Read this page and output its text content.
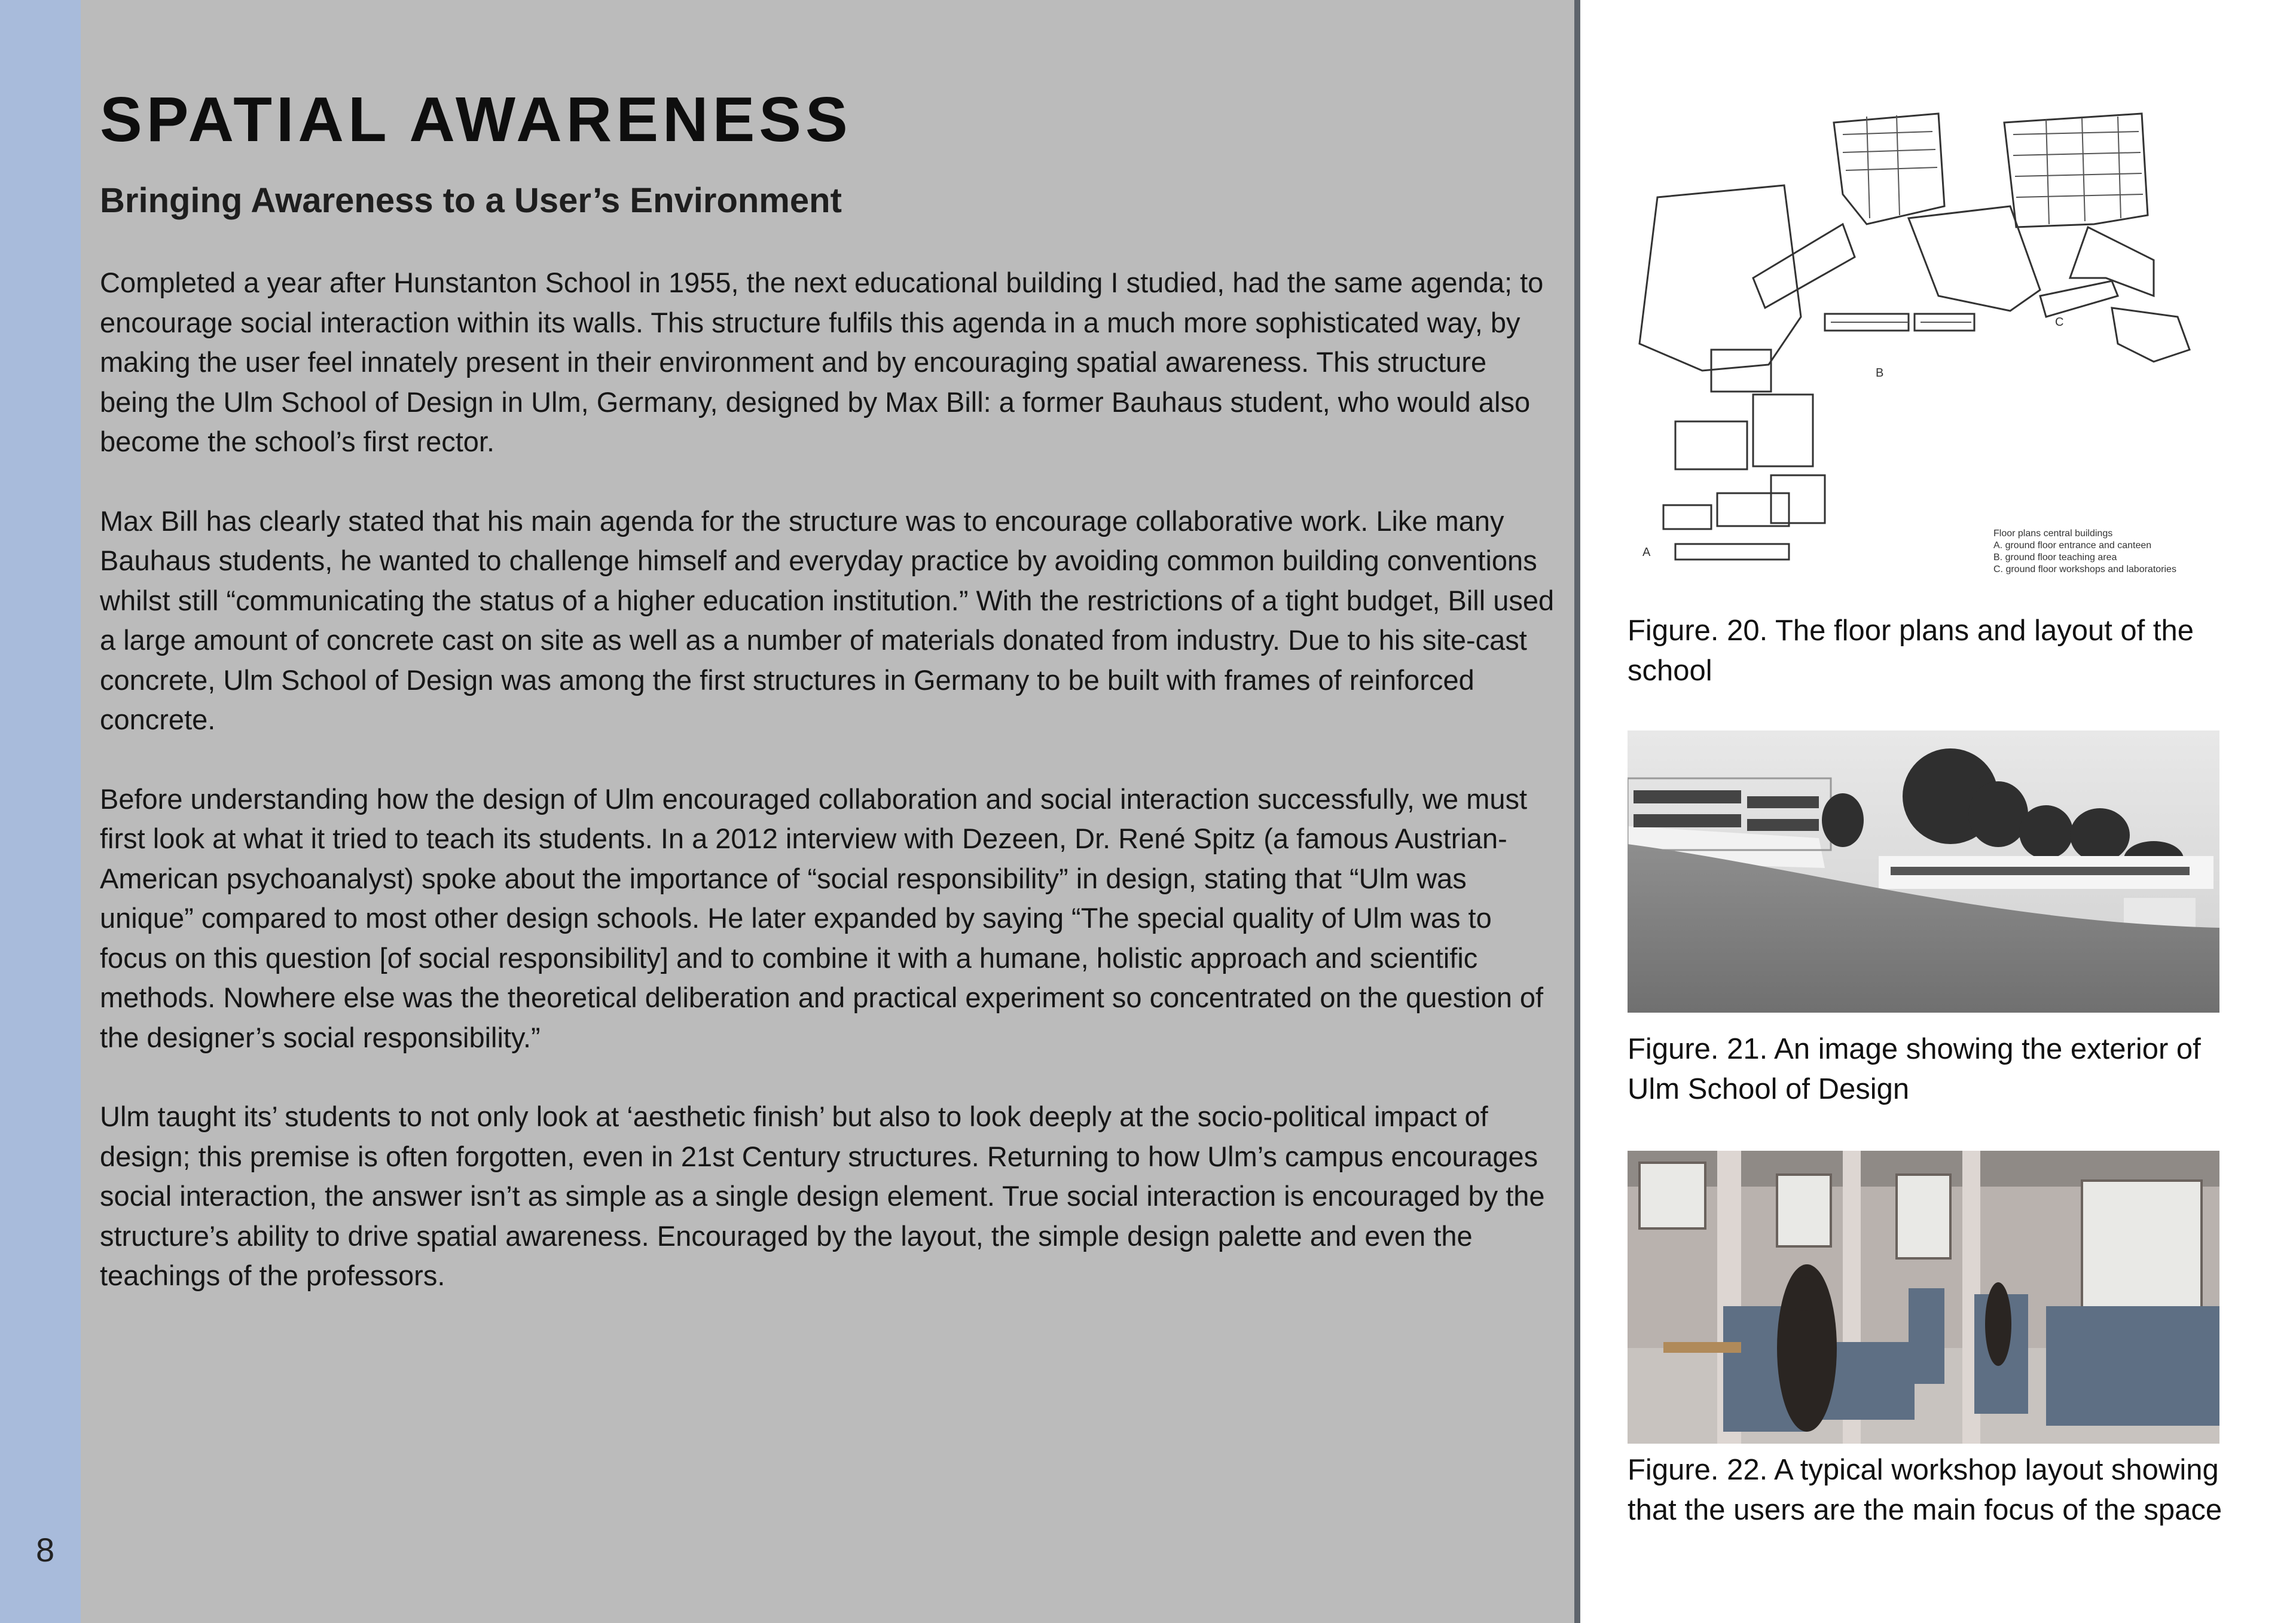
8
SPATIAL AWARENESS
Bringing Awareness to a User’s Environment

Completed a year after Hunstanton School in 1955, the next educational building I studied, had the same agenda; to encourage social interaction within its walls. This structure fulfils this agenda in a much more sophisticated way, by making the user feel innately present in their environment and by encouraging spatial awareness. This structure being the Ulm School of Design in Ulm, Germany, designed by Max Bill: a former Bauhaus student, who would also become the school’s first rector.

Max Bill has clearly stated that his main agenda for the structure was to encourage collaborative work. Like many Bauhaus students, he wanted to challenge himself and everyday practice by avoiding common building conventions whilst still “communicating the status of a higher education institution.” With the restrictions of a tight budget, Bill used a large amount of concrete cast on site as well as a number of materials donated from industry. Due to his site-cast concrete, Ulm School of Design was among the first structures in Germany to be built with frames of reinforced concrete.

Before understanding how the design of Ulm encouraged collaboration and social interaction successfully, we must first look at what it tried to teach its students. In a 2012 interview with Dezeen, Dr. René Spitz (a famous Austrian-American psychoanalyst) spoke about the importance of “social responsibility” in design, stating that “Ulm was unique” compared to most other design schools. He later expanded by saying “The special quality of Ulm was to focus on this question [of social responsibility] and to combine it with a humane, holistic approach and scientific methods. Nowhere else was the theoretical deliberation and practical experiment so concentrated on the question of the designer’s social responsibility.”

Ulm taught its’ students to not only look at ‘aesthetic finish’ but also to look deeply at the socio-political impact of design; this premise is often forgotten, even in 21st Century structures. Returning to how Ulm’s campus encourages social interaction, the answer isn’t as simple as a single design element. True social interaction is encouraged by the structure’s ability to drive spatial awareness. Encouraged by the layout, the simple design palette and even the teachings of the professors.

B
C
A
Floor plans central buildings
A. ground floor entrance and canteen
B. ground floor teaching area
C. ground floor workshops and laboratories
Figure. 20. The floor plans and layout of the school
Figure. 21. An image showing the exterior of Ulm School of Design
Figure. 22. A typical workshop layout showing that the users are the main focus of the space
